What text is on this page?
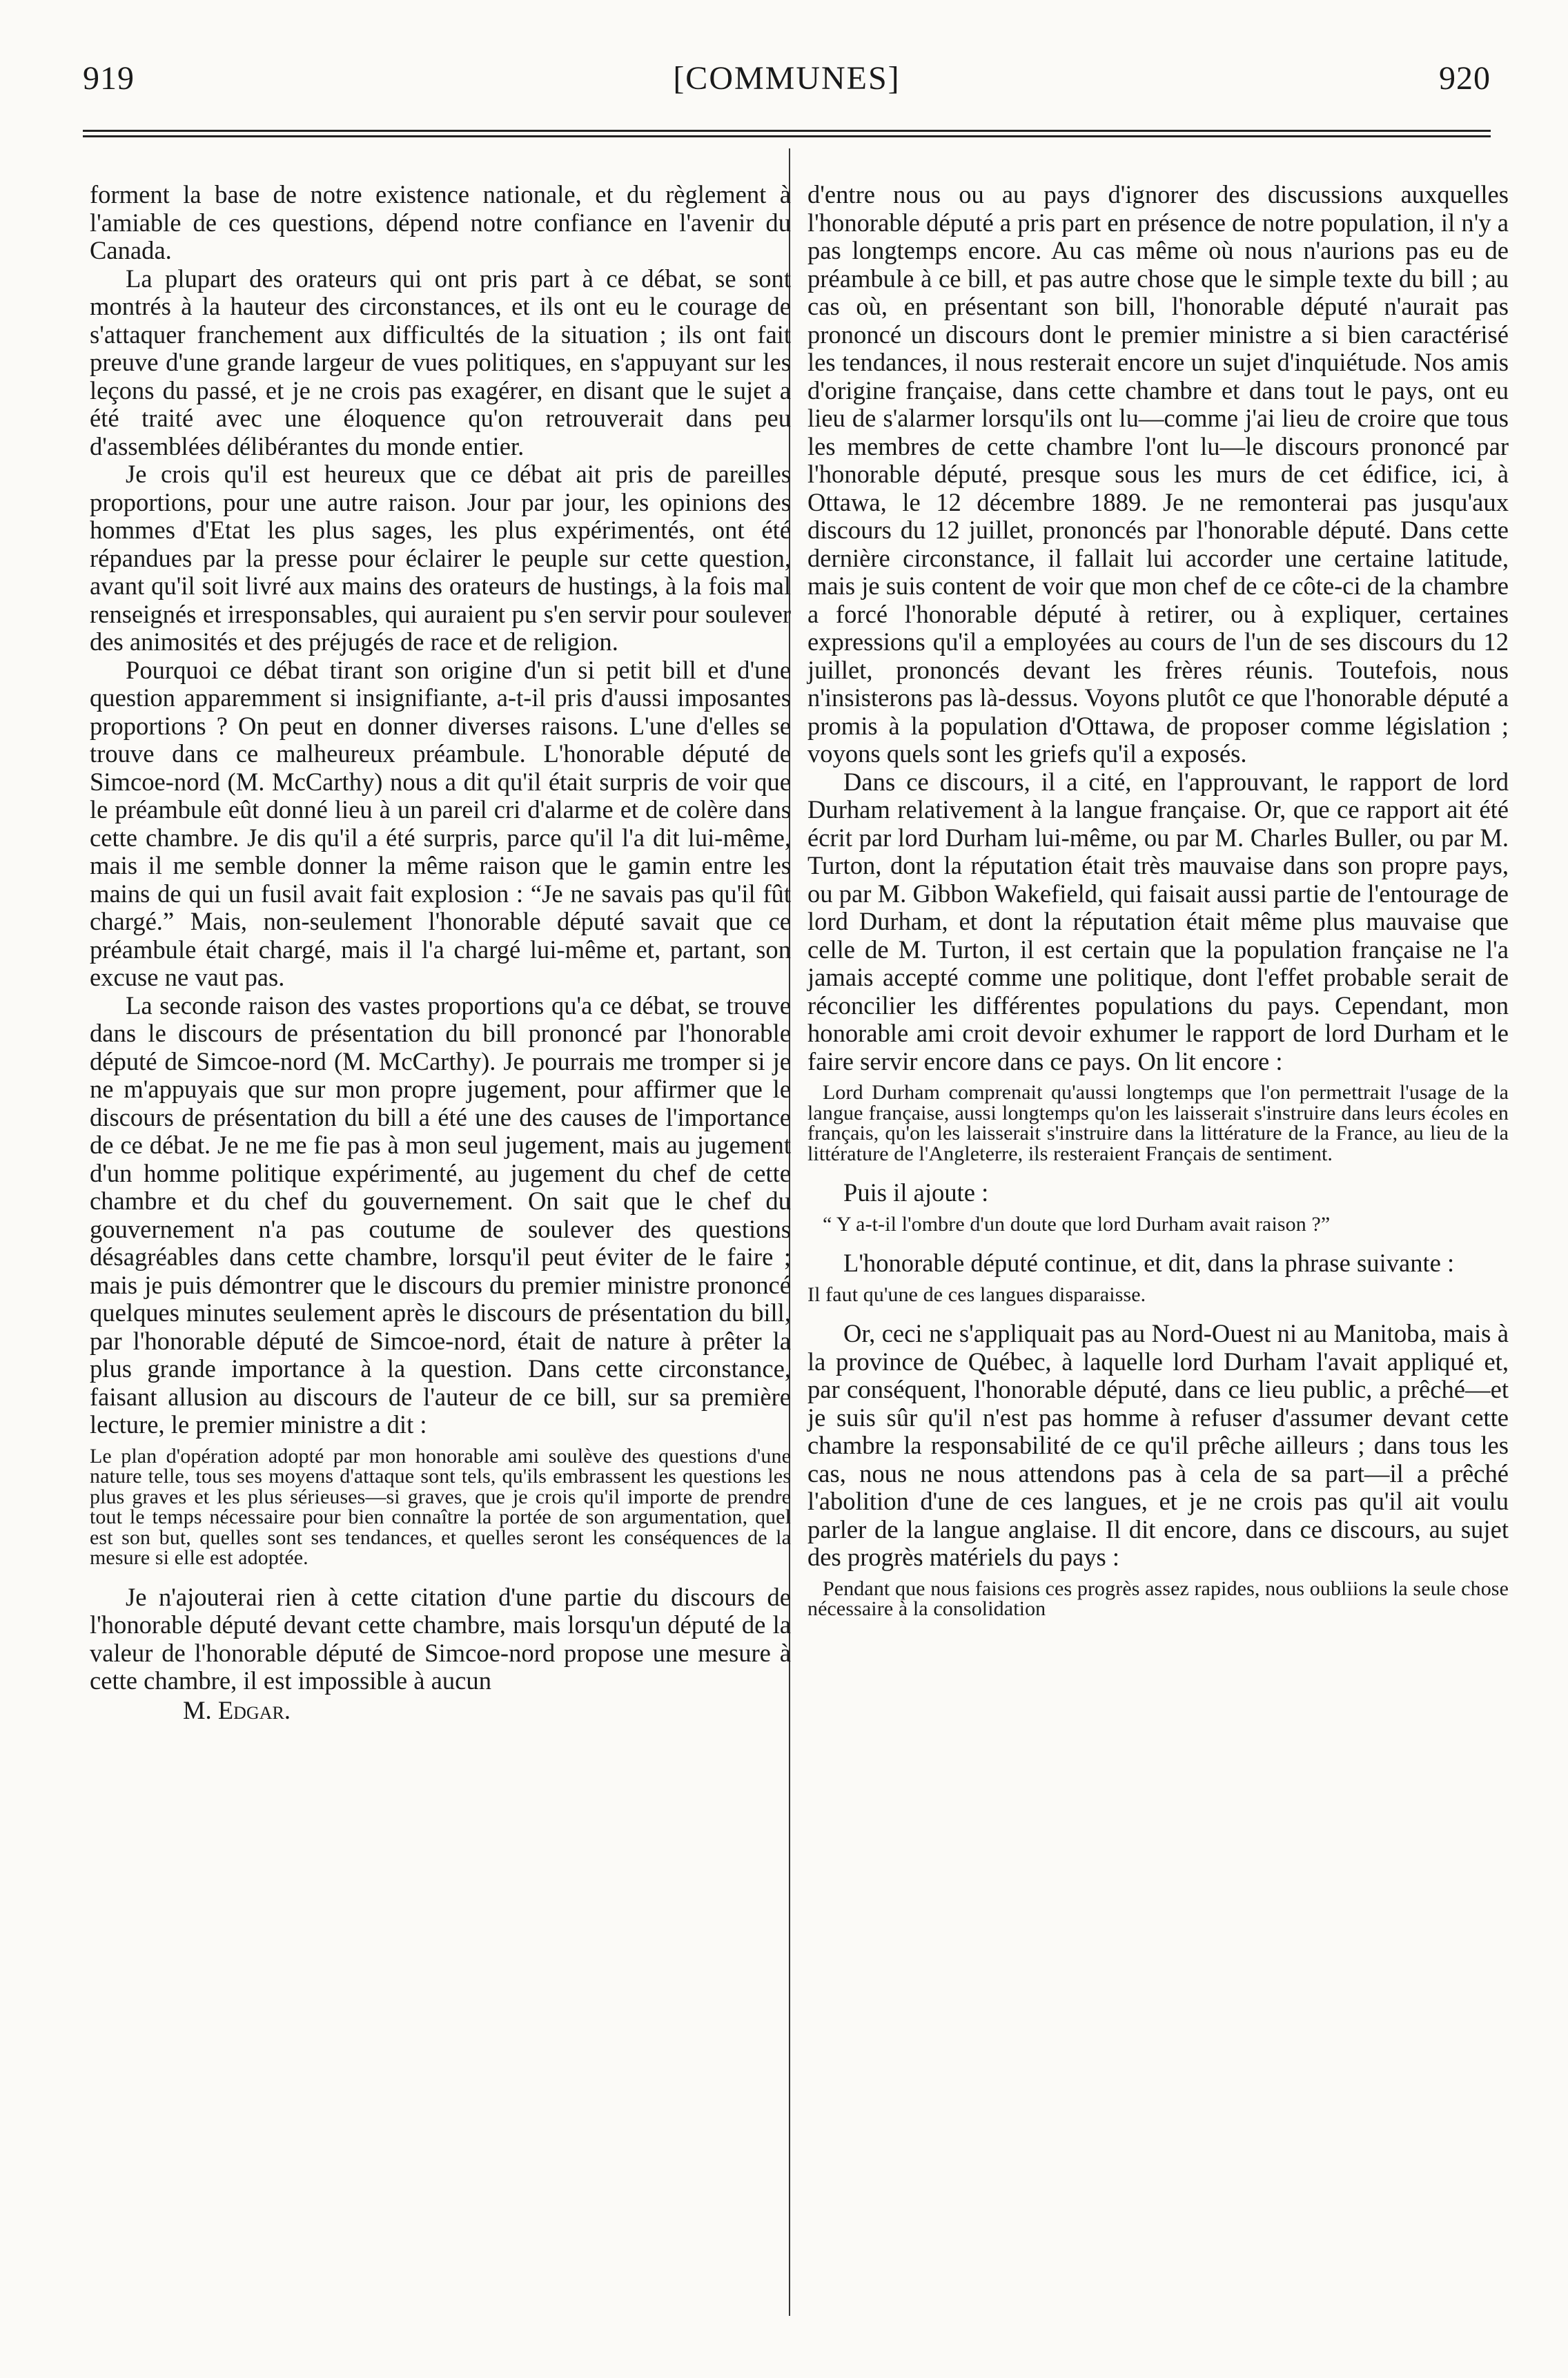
919	[COMMUNES]	920

forment la base de notre existence nationale, et du règlement à l'amiable de ces questions, dépend notre confiance en l'avenir du Canada.

La plupart des orateurs qui ont pris part à ce débat, se sont montrés à la hauteur des circonstances, et ils ont eu le courage de s'attaquer franchement aux difficultés de la situation ; ils ont fait preuve d'une grande largeur de vues politiques, en s'appuyant sur les leçons du passé, et je ne crois pas exagérer, en disant que le sujet a été traité avec une éloquence qu'on retrouverait dans peu d'assemblées délibérantes du monde entier.

Je crois qu'il est heureux que ce débat ait pris de pareilles proportions, pour une autre raison. Jour par jour, les opinions des hommes d'Etat les plus sages, les plus expérimentés, ont été répandues par la presse pour éclairer le peuple sur cette question, avant qu'il soit livré aux mains des orateurs de hustings, à la fois mal renseignés et irresponsables, qui auraient pu s'en servir pour soulever des animosités et des préjugés de race et de religion.

Pourquoi ce débat tirant son origine d'un si petit bill et d'une question apparemment si insignifiante, a-t-il pris d'aussi imposantes proportions ? On peut en donner diverses raisons. L'une d'elles se trouve dans ce malheureux préambule. L'honorable député de Simcoe-nord (M. McCarthy) nous a dit qu'il était surpris de voir que le préambule eût donné lieu à un pareil cri d'alarme et de colère dans cette chambre. Je dis qu'il a été surpris, parce qu'il l'a dit lui-même, mais il me semble donner la même raison que le gamin entre les mains de qui un fusil avait fait explosion : “Je ne savais pas qu'il fût chargé.” Mais, non-seulement l'honorable député savait que ce préambule était chargé, mais il l'a chargé lui-même et, partant, son excuse ne vaut pas.

La seconde raison des vastes proportions qu'a ce débat, se trouve dans le discours de présentation du bill prononcé par l'honorable député de Simcoe-nord (M. McCarthy). Je pourrais me tromper si je ne m'appuyais que sur mon propre jugement, pour affirmer que le discours de présentation du bill a été une des causes de l'importance de ce débat. Je ne me fie pas à mon seul jugement, mais au jugement d'un homme politique expérimenté, au jugement du chef de cette chambre et du chef du gouvernement. On sait que le chef du gouvernement n'a pas coutume de soulever des questions désagréables dans cette chambre, lorsqu'il peut éviter de le faire ; mais je puis démontrer que le discours du premier ministre prononcé quelques minutes seulement après le discours de présentation du bill, par l'honorable député de Simcoe-nord, était de nature à prêter la plus grande importance à la question. Dans cette circonstance, faisant allusion au discours de l'auteur de ce bill, sur sa première lecture, le premier ministre a dit :

Le plan d'opération adopté par mon honorable ami soulève des questions d'une nature telle, tous ses moyens d'attaque sont tels, qu'ils embrassent les questions les plus graves et les plus sérieuses—si graves, que je crois qu'il importe de prendre tout le temps nécessaire pour bien connaître la portée de son argumentation, quel est son but, quelles sont ses tendances, et quelles seront les conséquences de la mesure si elle est adoptée.

Je n'ajouterai rien à cette citation d'une partie du discours de l'honorable député devant cette chambre, mais lorsqu'un député de la valeur de l'honorable député de Simcoe-nord propose une mesure à cette chambre, il est impossible à aucun

M. Edgar.

d'entre nous ou au pays d'ignorer des discussions auxquelles l'honorable député a pris part en présence de notre population, il n'y a pas longtemps encore. Au cas même où nous n'aurions pas eu de préambule à ce bill, et pas autre chose que le simple texte du bill ; au cas où, en présentant son bill, l'honorable député n'aurait pas prononcé un discours dont le premier ministre a si bien caractérisé les tendances, il nous resterait encore un sujet d'inquiétude. Nos amis d'origine française, dans cette chambre et dans tout le pays, ont eu lieu de s'alarmer lorsqu'ils ont lu—comme j'ai lieu de croire que tous les membres de cette chambre l'ont lu—le discours prononcé par l'honorable député, presque sous les murs de cet édifice, ici, à Ottawa, le 12 décembre 1889. Je ne remonterai pas jusqu'aux discours du 12 juillet, prononcés par l'honorable député. Dans cette dernière circonstance, il fallait lui accorder une certaine latitude, mais je suis content de voir que mon chef de ce côte-ci de la chambre a forcé l'honorable député à retirer, ou à expliquer, certaines expressions qu'il a employées au cours de l'un de ses discours du 12 juillet, prononcés devant les frères réunis. Toutefois, nous n'insisterons pas là-dessus. Voyons plutôt ce que l'honorable député a promis à la population d'Ottawa, de proposer comme législation ; voyons quels sont les griefs qu'il a exposés.

Dans ce discours, il a cité, en l'approuvant, le rapport de lord Durham relativement à la langue française. Or, que ce rapport ait été écrit par lord Durham lui-même, ou par M. Charles Buller, ou par M. Turton, dont la réputation était très mauvaise dans son propre pays, ou par M. Gibbon Wakefield, qui faisait aussi partie de l'entourage de lord Durham, et dont la réputation était même plus mauvaise que celle de M. Turton, il est certain que la population française ne l'a jamais accepté comme une politique, dont l'effet probable serait de réconcilier les différentes populations du pays. Cependant, mon honorable ami croit devoir exhumer le rapport de lord Durham et le faire servir encore dans ce pays. On lit encore :

Lord Durham comprenait qu'aussi longtemps que l'on permettrait l'usage de la langue française, aussi longtemps qu'on les laisserait s'instruire dans leurs écoles en français, qu'on les laisserait s'instruire dans la littérature de la France, au lieu de la littérature de l'Angleterre, ils resteraient Français de sentiment.

Puis il ajoute :

“ Y a-t-il l'ombre d'un doute que lord Durham avait raison ?”

L'honorable député continue, et dit, dans la phrase suivante :

Il faut qu'une de ces langues disparaisse.

Or, ceci ne s'appliquait pas au Nord-Ouest ni au Manitoba, mais à la province de Québec, à laquelle lord Durham l'avait appliqué et, par conséquent, l'honorable député, dans ce lieu public, a prêché—et je suis sûr qu'il n'est pas homme à refuser d'assumer devant cette chambre la responsabilité de ce qu'il prêche ailleurs ; dans tous les cas, nous ne nous attendons pas à cela de sa part—il a prêché l'abolition d'une de ces langues, et je ne crois pas qu'il ait voulu parler de la langue anglaise. Il dit encore, dans ce discours, au sujet des progrès matériels du pays :

Pendant que nous faisions ces progrès assez rapides, nous oubliions la seule chose nécessaire à la consolidation
